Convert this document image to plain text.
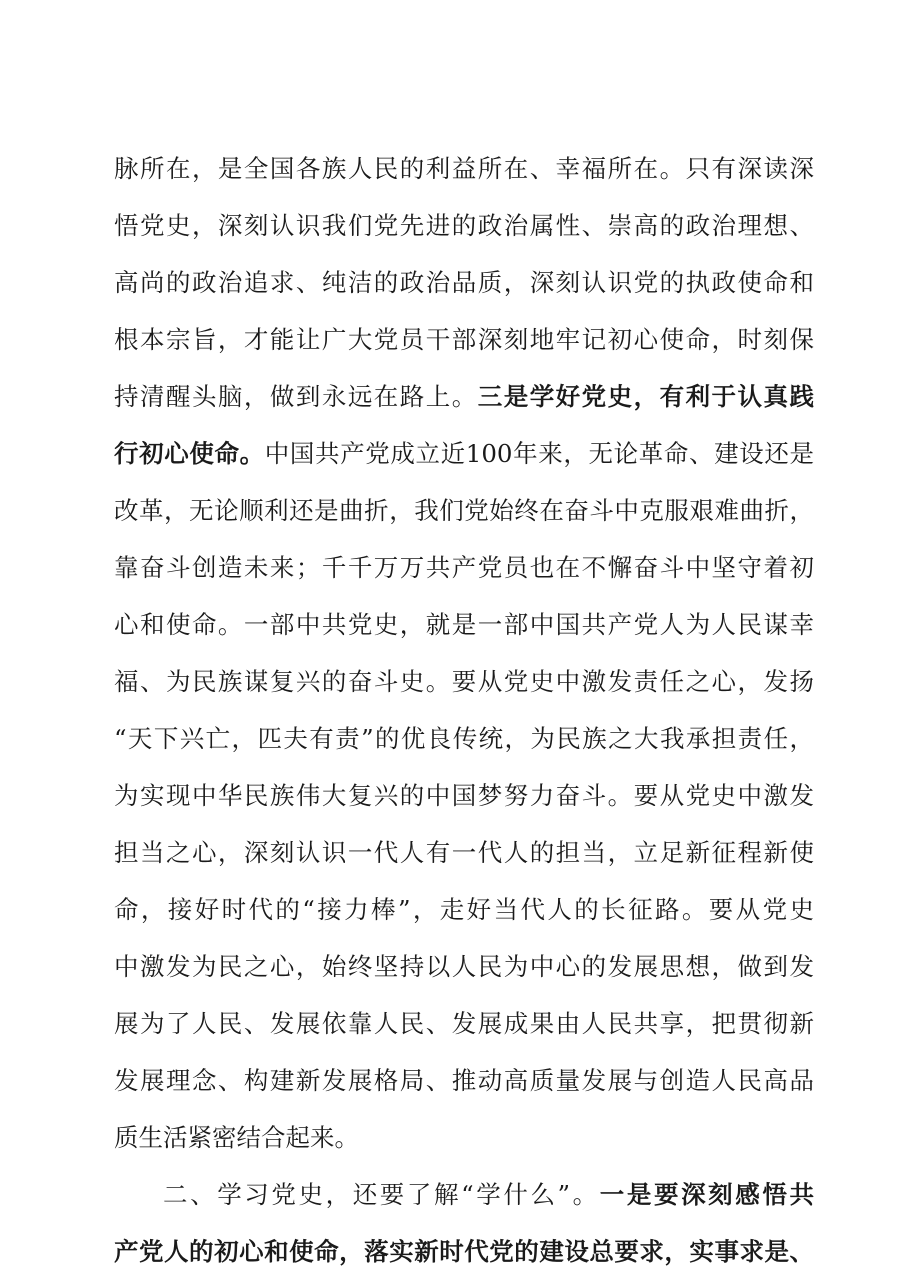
脉所在，是全国各族人民的利益所在、幸福所在。只有深读深
悟党史，深刻认识我们党先进的政治属性、崇高的政治理想、
高尚的政治追求、纯洁的政治品质，深刻认识党的执政使命和
根本宗旨，才能让广大党员干部深刻地牢记初心使命，时刻保
持清醒头脑，做到永远在路上。三是学好党史，有利于认真践
行初心使命。中国共产党成立近100年来，无论革命、建设还是
改革，无论顺利还是曲折，我们党始终在奋斗中克服艰难曲折，
靠奋斗创造未来；千千万万共产党员也在不懈奋斗中坚守着初
心和使命。一部中共党史，就是一部中国共产党人为人民谋幸
福、为民族谋复兴的奋斗史。要从党史中激发责任之心，发扬
“天下兴亡，匹夫有责”的优良传统，为民族之大我承担责任，
为实现中华民族伟大复兴的中国梦努力奋斗。要从党史中激发
担当之心，深刻认识一代人有一代人的担当，立足新征程新使
命，接好时代的“接力棒”，走好当代人的长征路。要从党史
中激发为民之心，始终坚持以人民为中心的发展思想，做到发
展为了人民、发展依靠人民、发展成果由人民共享，把贯彻新
发展理念、构建新发展格局、推动高质量发展与创造人民高品
质生活紧密结合起来。
二、学习党史，还要了解“学什么”。一是要深刻感悟共
产党人的初心和使命，落实新时代党的建设总要求，实事求是、
